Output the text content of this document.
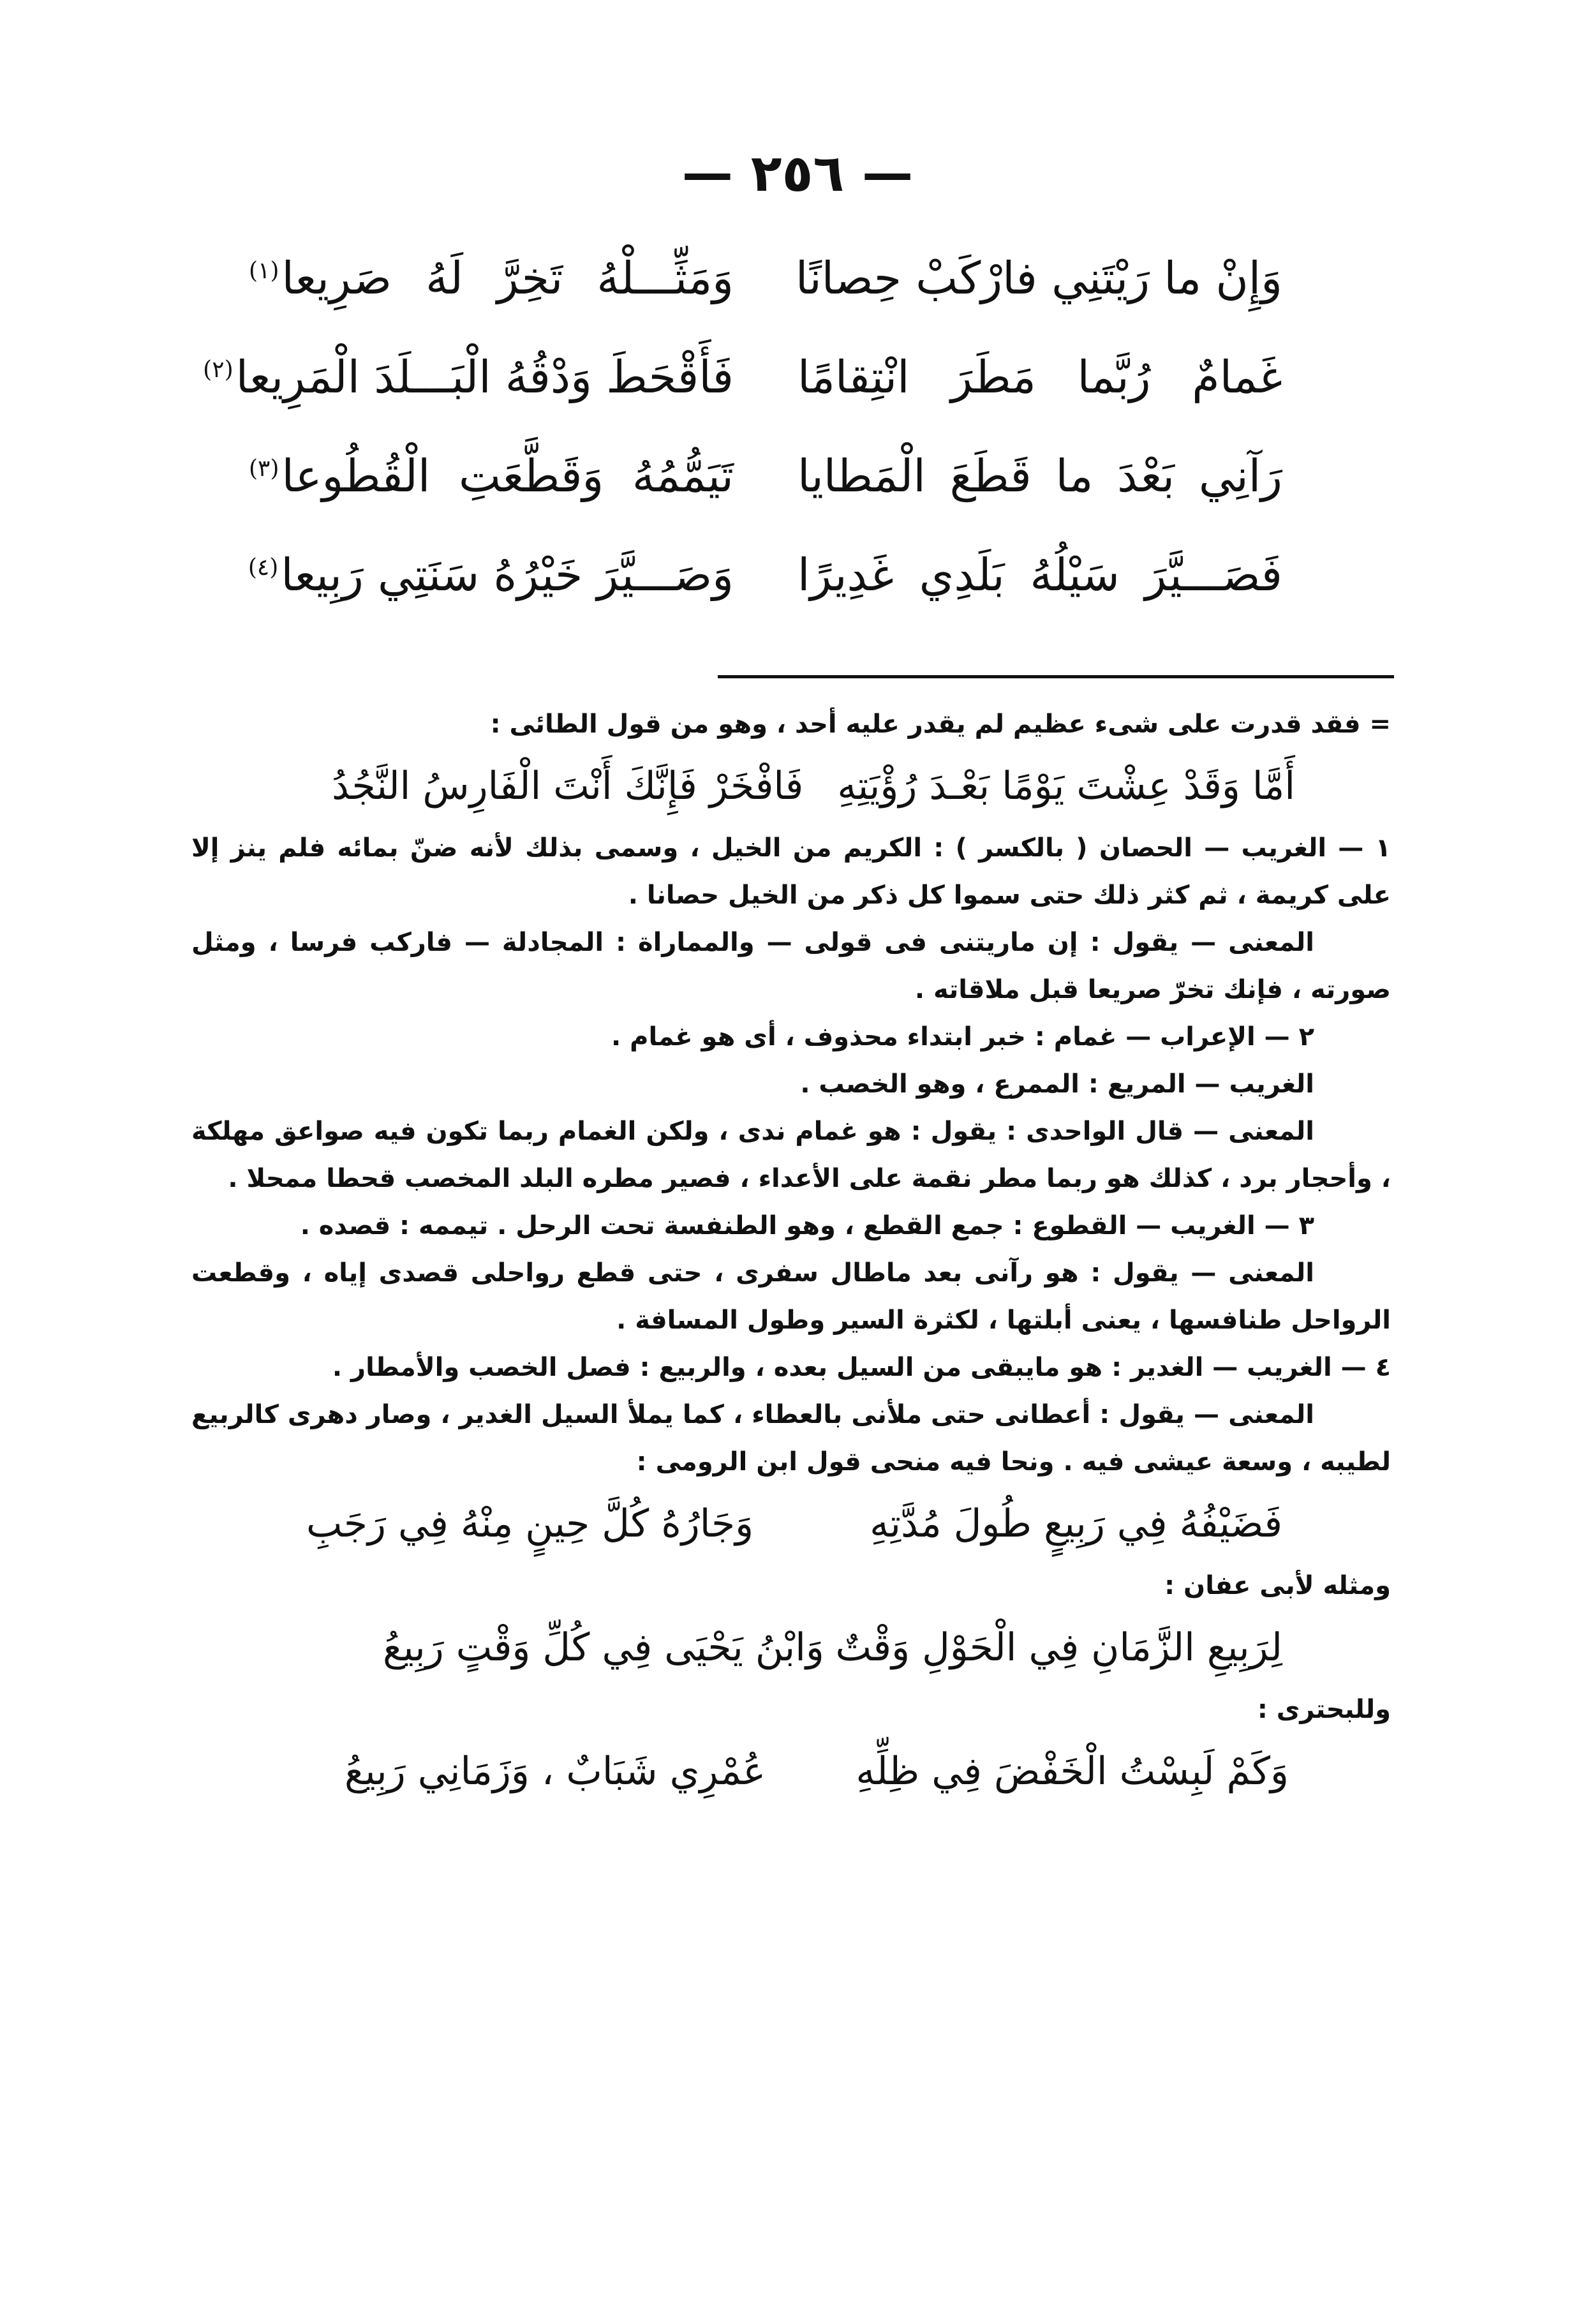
— ٢٥٦ —
وَإِنْ ما رَيْتَنِي فارْكَبْ حِصانًا
وَمَثِّـــلْهُ تَخِرَّ لَهُ صَرِيعا$^{(١)}$
غَمامٌ رُبَّما مَطَرَ انْتِقامًا
فَأَقْحَطَ وَدْقُهُ الْبَـــلَدَ الْمَرِيعا$^{(٢)}$
رَآنِي بَعْدَ ما قَطَعَ الْمَطايا
تَيَمُّمُهُ وَقَطَّعَتِ الْقُطُوعا$^{(٣)}$
فَصَـــيَّرَ سَيْلُهُ بَلَدِي غَدِيرًا
وَصَـــيَّرَ خَيْرُهُ سَنَتِي رَبِيعا$^{(٤)}$

= فقد قدرت على شىء عظيم لم يقدر عليه أحد ، وهو من قول الطائى :

أَمَّا وَقَدْ عِشْتَ يَوْمًا بَعْـدَ رُؤْيَتِهِ
فَافْخَرْ فَإِنَّكَ أَنْتَ الْفَارِسُ النَّجُدُ

١ — الغريب — الحصان ( بالكسر ) : الكريم من الخيل ، وسمى بذلك لأنه ضنّ بمائه فلم ينز إلا على كريمة ، ثم كثر ذلك حتى سموا كل ذكر من الخيل حصانا .

المعنى — يقول : إن ماريتنى فى قولى — والمماراة : المجادلة — فاركب فرسا ، ومثل صورته ، فإنك تخرّ صريعا قبل ملاقاته .

٢ — الإعراب — غمام : خبر ابتداء محذوف ، أى هو غمام .

الغريب — المريع : الممرع ، وهو الخصب .

المعنى — قال الواحدى : يقول : هو غمام ندى ، ولكن الغمام ربما تكون فيه صواعق مهلكة ، وأحجار برد ، كذلك هو ربما مطر نقمة على الأعداء ، فصير مطره البلد المخصب قحطا ممحلا .

٣ — الغريب — القطوع : جمع القطع ، وهو الطنفسة تحت الرحل . تيممه : قصده .

المعنى — يقول : هو رآنى بعد ماطال سفرى ، حتى قطع رواحلى قصدى إياه ، وقطعت الرواحل طنافسها ، يعنى أبلتها ، لكثرة السير وطول المسافة .

٤ — الغريب — الغدير : هو مايبقى من السيل بعده ، والربيع : فصل الخصب والأمطار .

المعنى — يقول : أعطانى حتى ملأنى بالعطاء ، كما يملأ السيل الغدير ، وصار دهرى كالربيع لطيبه ، وسعة عيشى فيه . ونحا فيه منحى قول ابن الرومى :

فَضَيْفُهُ فِي رَبِيعٍ طُولَ مُدَّتِهِ
وَجَارُهُ كُلَّ حِينٍ مِنْهُ فِي رَجَبِ

ومثله لأبى عفان :

لِرَبِيعِ الزَّمَانِ فِي الْحَوْلِ وَقْتٌ
وَابْنُ يَحْيَى فِي كُلِّ وَقْتٍ رَبِيعُ

وللبحترى :

وَكَمْ لَبِسْتُ الْخَفْضَ فِي ظِلِّهِ
عُمْرِي شَبَابٌ ، وَزَمَانِي رَبِيعُ
